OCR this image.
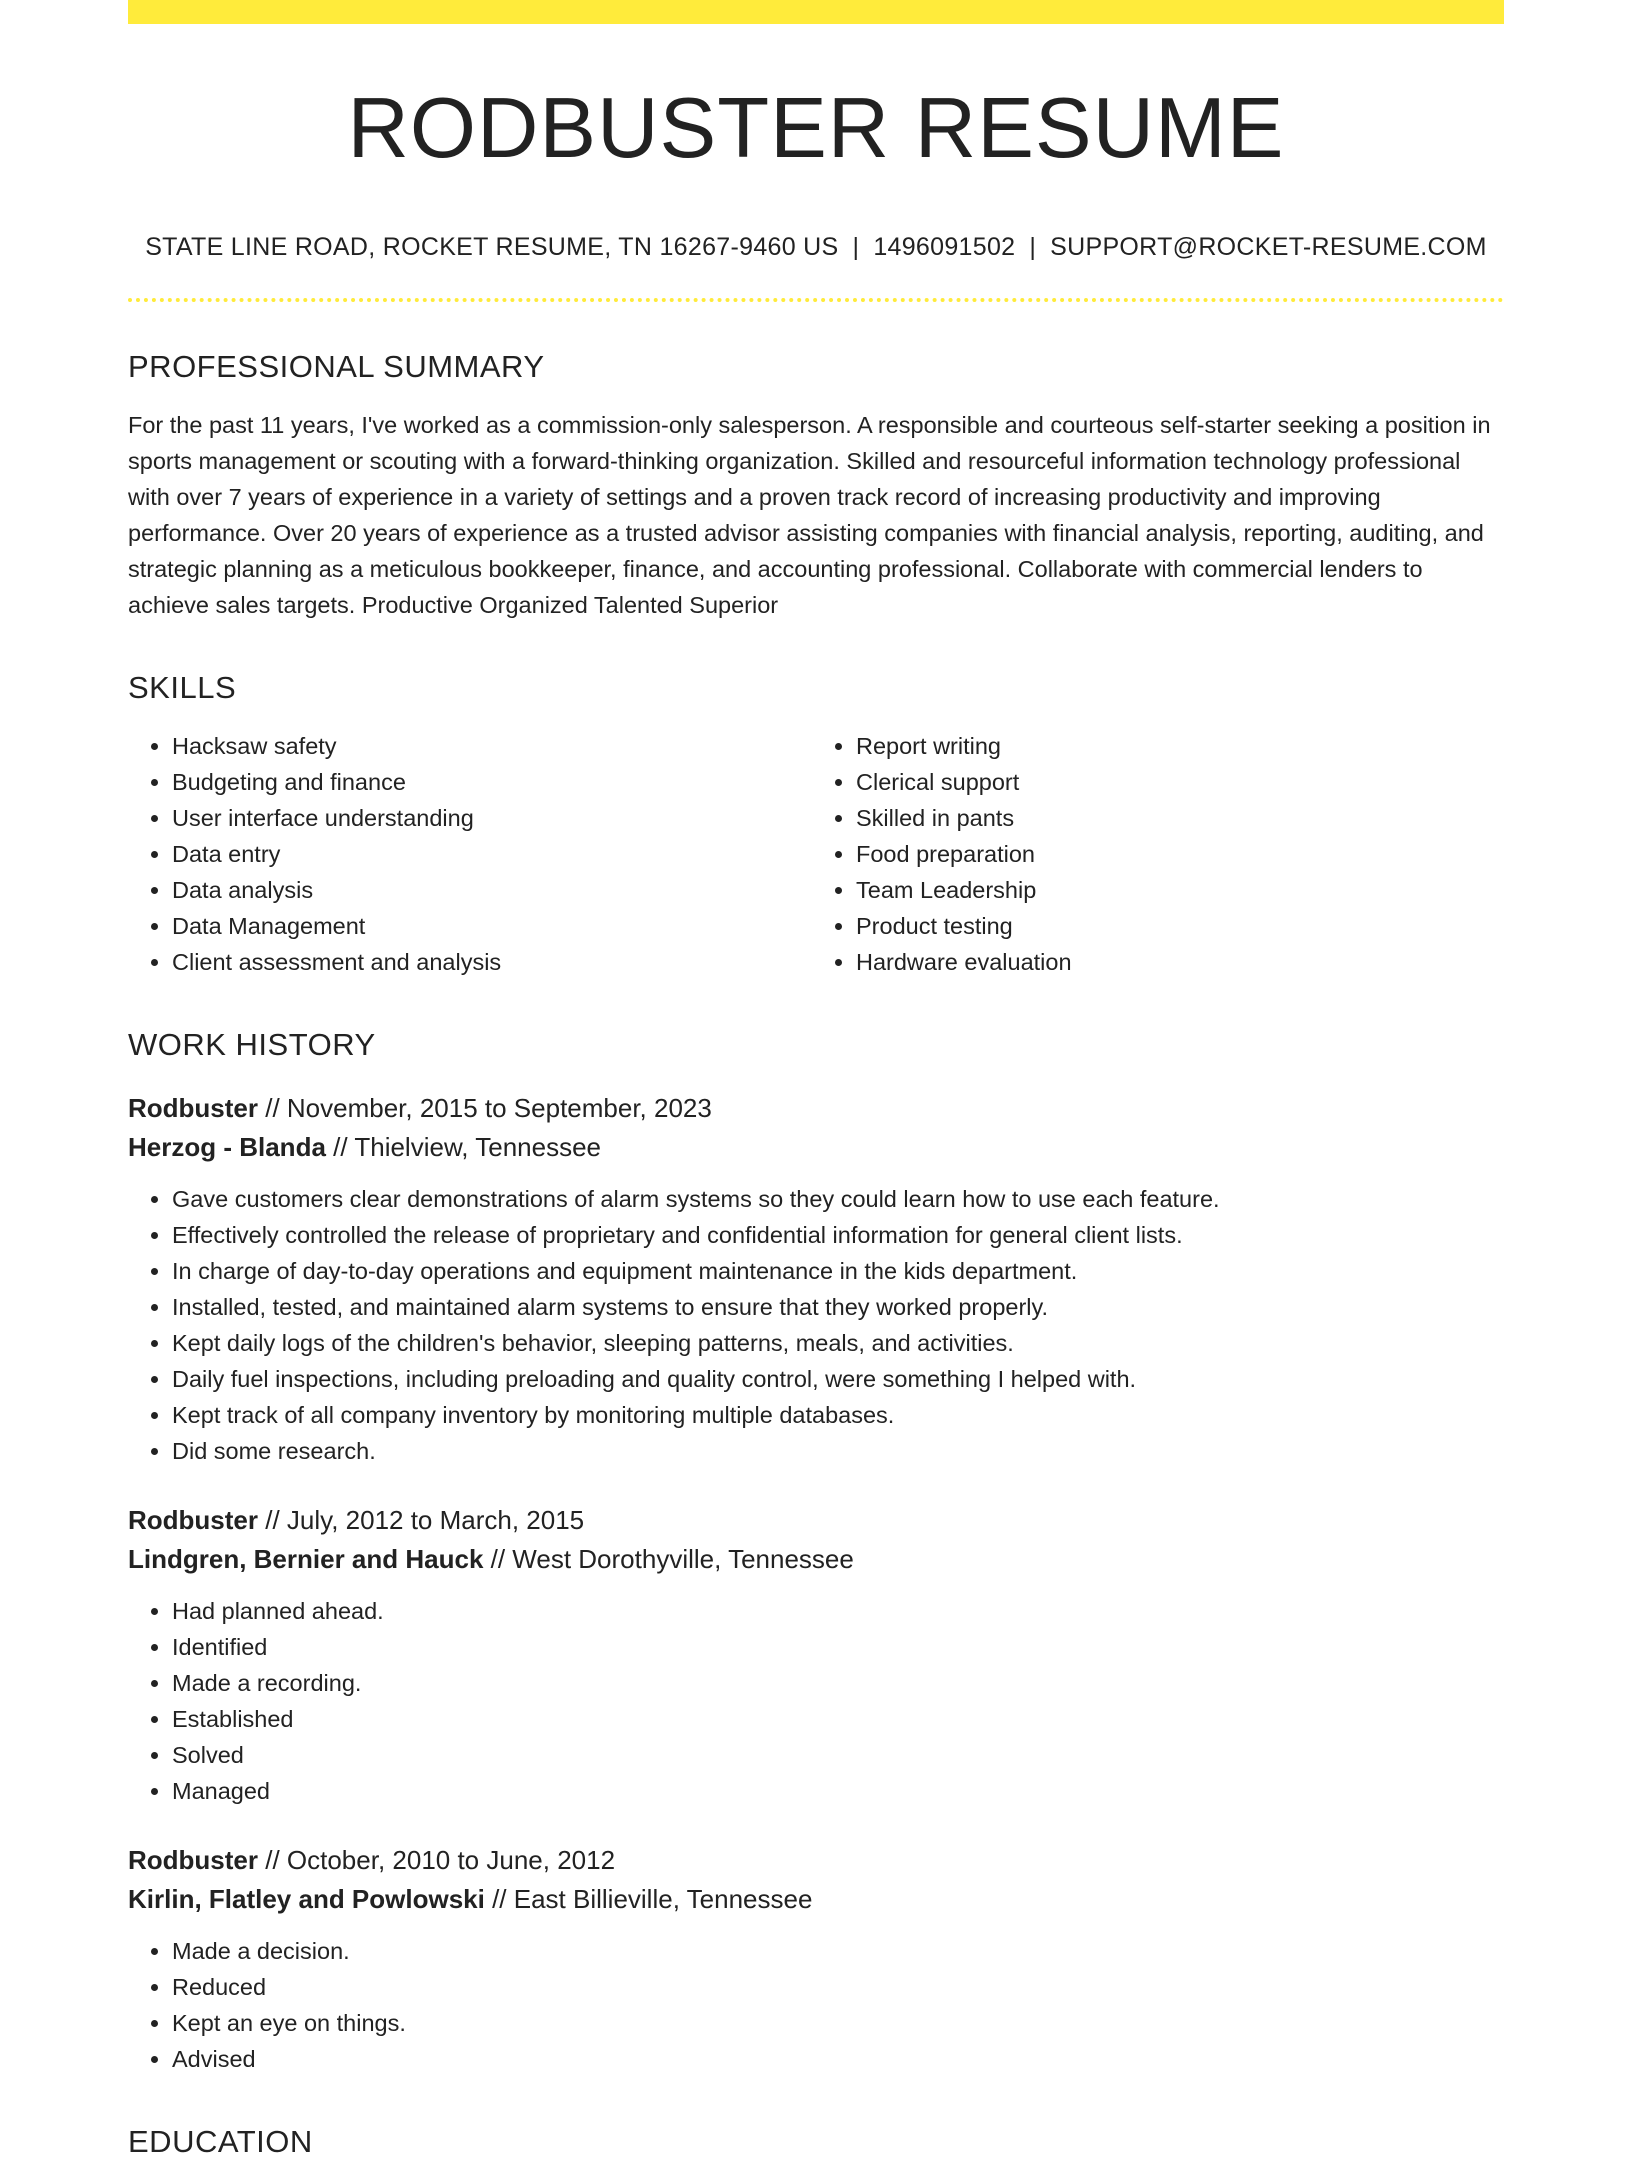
RODBUSTER RESUME
STATE LINE ROAD, ROCKET RESUME, TN 16267-9460 US | 1496091502 | SUPPORT@ROCKET-RESUME.COM
PROFESSIONAL SUMMARY
For the past 11 years, I've worked as a commission-only salesperson. A responsible and courteous self-starter seeking a position in sports management or scouting with a forward-thinking organization. Skilled and resourceful information technology professional with over 7 years of experience in a variety of settings and a proven track record of increasing productivity and improving performance. Over 20 years of experience as a trusted advisor assisting companies with financial analysis, reporting, auditing, and strategic planning as a meticulous bookkeeper, finance, and accounting professional. Collaborate with commercial lenders to achieve sales targets. Productive Organized Talented Superior
SKILLS
• Hacksaw safety
• Budgeting and finance
• User interface understanding
• Data entry
• Data analysis
• Data Management
• Client assessment and analysis
• Report writing
• Clerical support
• Skilled in pants
• Food preparation
• Team Leadership
• Product testing
• Hardware evaluation
WORK HISTORY
Rodbuster // November, 2015 to September, 2023
Herzog - Blanda // Thielview, Tennessee
• Gave customers clear demonstrations of alarm systems so they could learn how to use each feature.
• Effectively controlled the release of proprietary and confidential information for general client lists.
• In charge of day-to-day operations and equipment maintenance in the kids department.
• Installed, tested, and maintained alarm systems to ensure that they worked properly.
• Kept daily logs of the children's behavior, sleeping patterns, meals, and activities.
• Daily fuel inspections, including preloading and quality control, were something I helped with.
• Kept track of all company inventory by monitoring multiple databases.
• Did some research.
Rodbuster // July, 2012 to March, 2015
Lindgren, Bernier and Hauck // West Dorothyville, Tennessee
• Had planned ahead.
• Identified
• Made a recording.
• Established
• Solved
• Managed
Rodbuster // October, 2010 to June, 2012
Kirlin, Flatley and Powlowski // East Billieville, Tennessee
• Made a decision.
• Reduced
• Kept an eye on things.
• Advised
EDUCATION
